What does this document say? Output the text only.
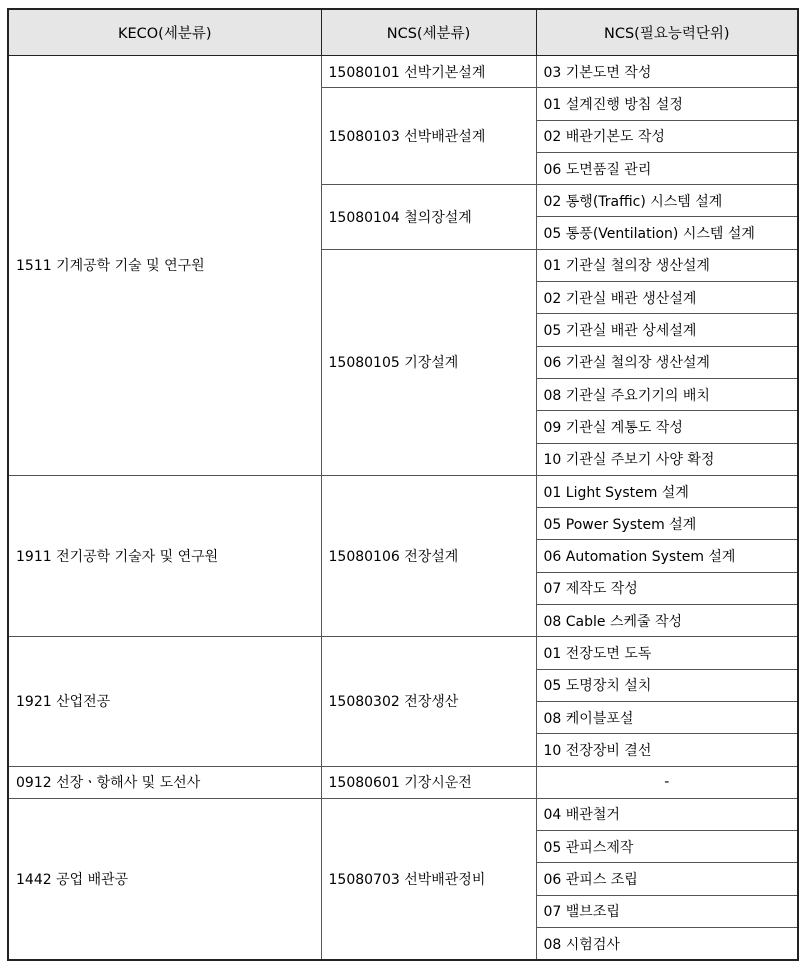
KECO(세분류)	NCS(세분류)	NCS(필요능력단위)
1511 기계공학 기술 및 연구원	15080101 선박기본설계	03 기본도면 작성
	15080103 선박배관설계	01 설계진행 방침 설정
		02 배관기본도 작성
		06 도면품질 관리
	15080104 철의장설계	02 통행(Traffic) 시스템 설계
		05 통풍(Ventilation) 시스템 설계
	15080105 기장설계	01 기관실 철의장 생산설계
		02 기관실 배관 생산설계
		05 기관실 배관 상세설계
		06 기관실 철의장 생산설계
		08 기관실 주요기기의 배치
		09 기관실 계통도 작성
		10 기관실 주보기 사양 확정
1911 전기공학 기술자 및 연구원	15080106 전장설계	01 Light System 설계
		05 Power System 설계
		06 Automation System 설계
		07 제작도 작성
		08 Cable 스케줄 작성
1921 산업전공	15080302 전장생산	01 전장도면 도독
		05 도명장치 설치
		08 케이블포설
		10 전장장비 결선
0912 선장ㆍ항해사 및 도선사	15080601 기장시운전	-
1442 공업 배관공	15080703 선박배관정비	04 배관철거
		05 관피스제작
		06 관피스 조립
		07 밸브조립
		08 시험검사
